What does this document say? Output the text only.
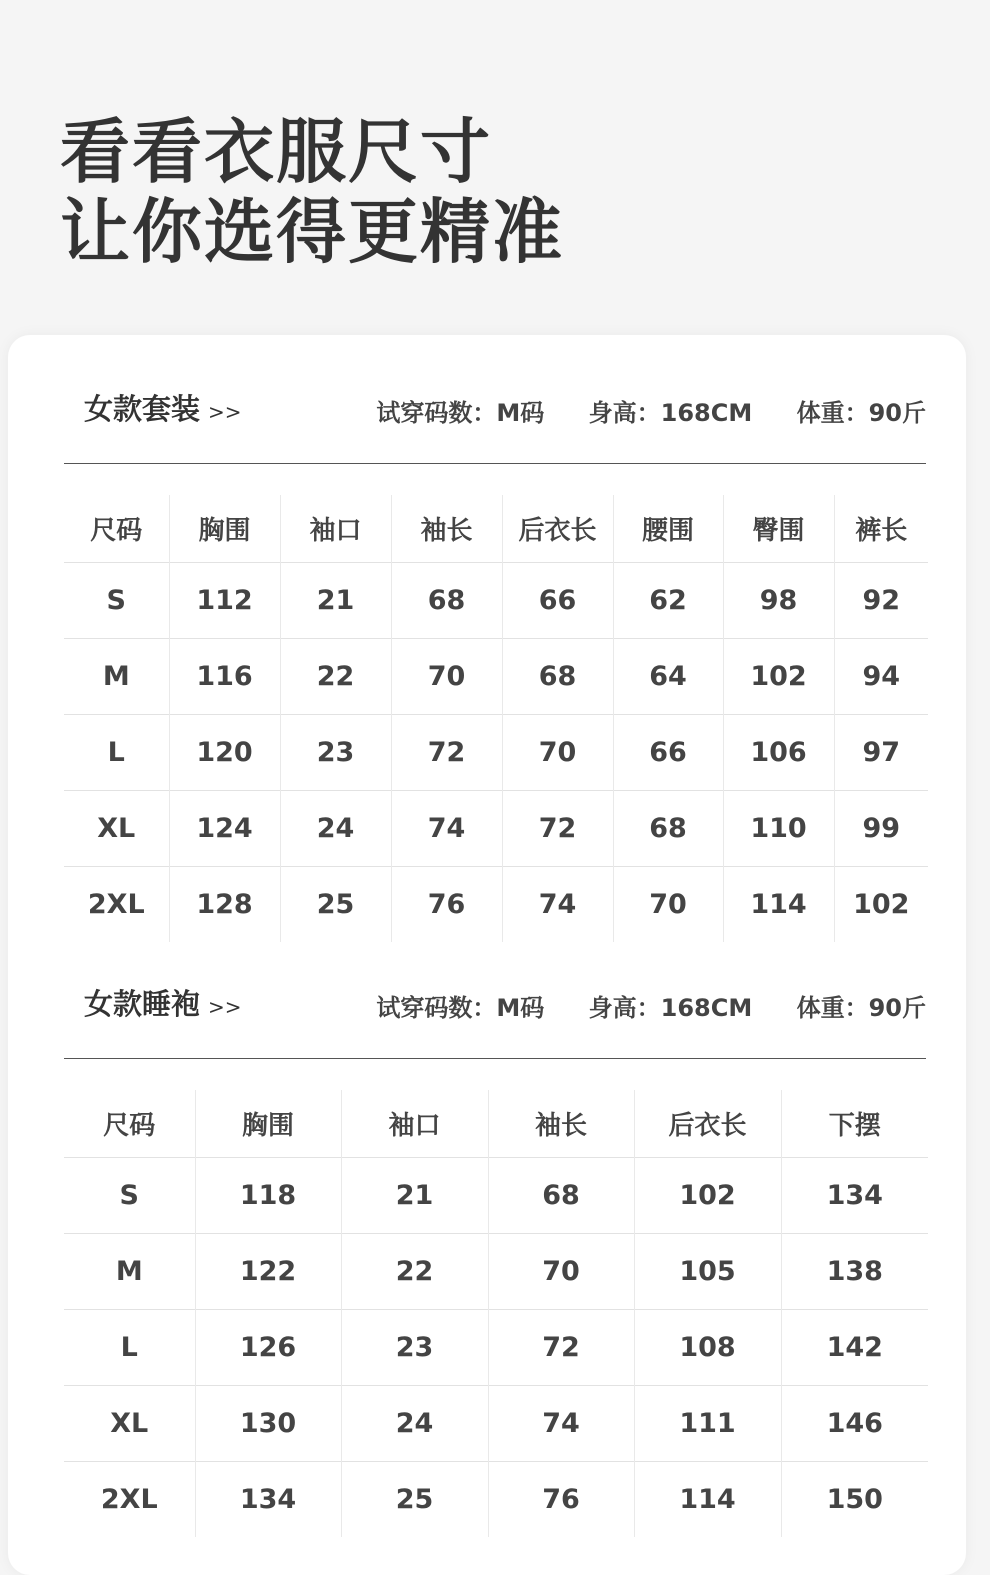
看看衣服尺寸
让你选得更精准
女款套装 >>	试穿码数：M码 身高：168CM 体重：90斤
尺码	胸围	袖口	袖长	后衣长	腰围	臀围	裤长
S	112	21	68	66	62	98	92
M	116	22	70	68	64	102	94
L	120	23	72	70	66	106	97
XL	124	24	74	72	68	110	99
2XL	128	25	76	74	70	114	102
女款睡袍 >>	试穿码数：M码 身高：168CM 体重：90斤
尺码	胸围	袖口	袖长	后衣长	下摆
S	118	21	68	102	134
M	122	22	70	105	138
L	126	23	72	108	142
XL	130	24	74	111	146
2XL	134	25	76	114	150
